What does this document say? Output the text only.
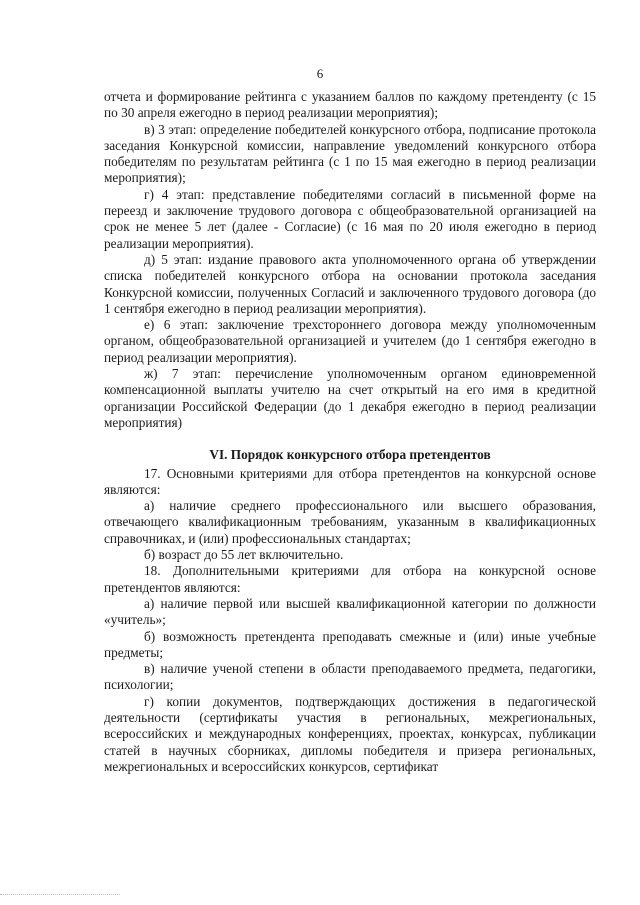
6

отчета и формирование рейтинга с указанием баллов по каждому претенденту (с 15 по 30 апреля ежегодно в период реализации мероприятия);

в) 3 этап: определение победителей конкурсного отбора, подписание протокола заседания Конкурсной комиссии, направление уведомлений конкурсного отбора победителям по результатам рейтинга (с 1 по 15 мая ежегодно в период реализации мероприятия);

г) 4 этап: представление победителями согласий в письменной форме на переезд и заключение трудового договора с общеобразовательной организацией на срок не менее 5 лет (далее - Согласие) (с 16 мая по 20 июля ежегодно в период реализации мероприятия).

д) 5 этап: издание правового акта уполномоченного органа об утверждении списка победителей конкурсного отбора на основании протокола заседания Конкурсной комиссии, полученных Согласий и заключенного трудового договора (до 1 сентября ежегодно в период реализации мероприятия).

е) 6 этап: заключение трехстороннего договора между уполномоченным органом, общеобразовательной организацией и учителем (до 1 сентября ежегодно в период реализации мероприятия).

ж) 7 этап: перечисление уполномоченным органом единовременной компенсационной выплаты учителю на счет открытый на его имя в кредитной организации Российской Федерации (до 1 декабря ежегодно в период реализации мероприятия)

VI. Порядок конкурсного отбора претендентов

17. Основными критериями для отбора претендентов на конкурсной основе являются:

а) наличие среднего профессионального или высшего образования, отвечающего квалификационным требованиям, указанным в квалификационных справочниках, и (или) профессиональных стандартах;

б) возраст до 55 лет включительно.

18. Дополнительными критериями для отбора на конкурсной основе претендентов являются:

а) наличие первой или высшей квалификационной категории по должности «учитель»;

б) возможность претендента преподавать смежные и (или) иные учебные предметы;

в) наличие ученой степени в области преподаваемого предмета, педагогики, психологии;

г) копии документов, подтверждающих достижения в педагогической деятельности (сертификаты участия в региональных, межрегиональных, всероссийских и международных конференциях, проектах, конкурсах, публикации статей в научных сборниках, дипломы победителя и призера региональных, межрегиональных и всероссийских конкурсов, сертификат
